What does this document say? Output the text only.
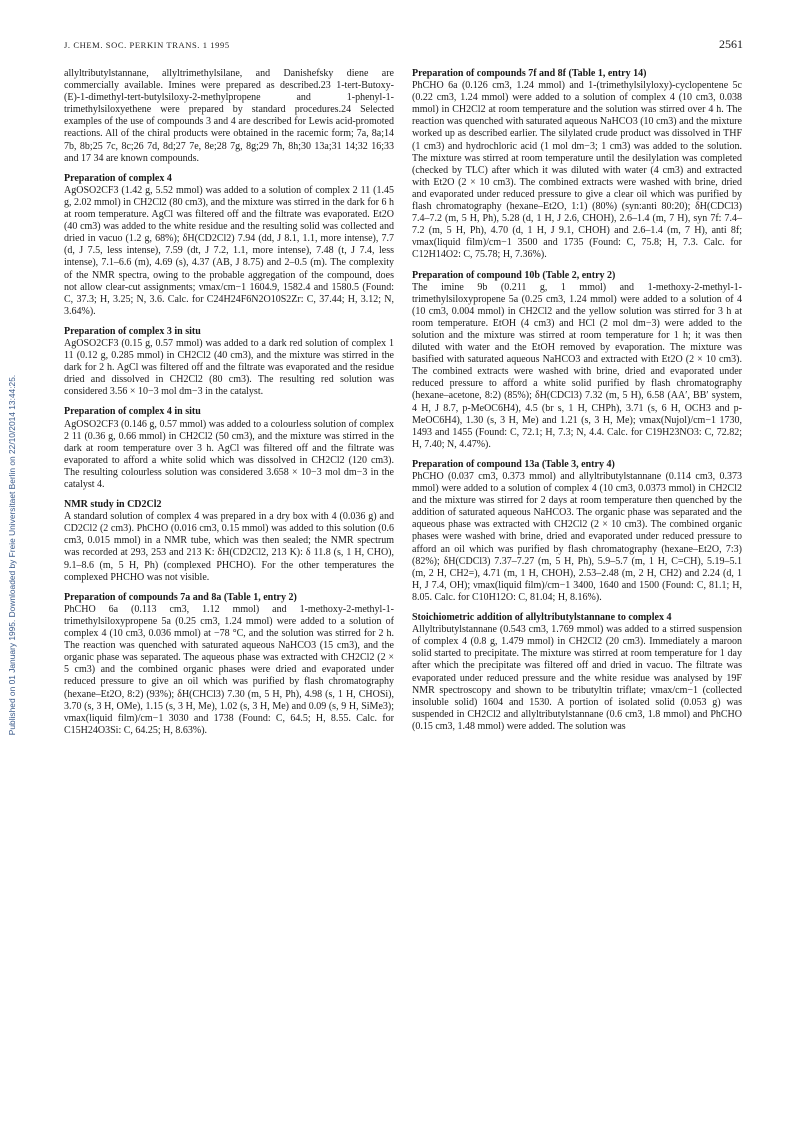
J. CHEM. SOC. PERKIN TRANS. 1 1995	2561
Published on 01 January 1995. Downloaded by Freie Universitaet Berlin on 22/10/2014 13:44:25.

allyltributylstannane, allyltrimethylsilane, and Danishefsky diene are commercially available. Imines were prepared as described.23 1-tert-Butoxy-(E)-1-dimethyl-tert-butylsiloxy-2-methylpropene and 1-phenyl-1-trimethylsiloxyethene were prepared by standard procedures.24 Selected examples of the use of compounds 3 and 4 are described for Lewis acid-promoted reactions. All of the chiral products were obtained in the racemic form; 7a, 8a;14 7b, 8b;25 7c, 8c;26 7d, 8d;27 7e, 8e;28 7g, 8g;29 7h, 8h;30 13a;31 14;32 16;33 and 17 34 are known compounds.

Preparation of complex 4

AgOSO2CF3 (1.42 g, 5.52 mmol) was added to a solution of complex 2 11 (1.45 g, 2.02 mmol) in CH2Cl2 (80 cm3), and the mixture was stirred in the dark for 6 h at room temperature. AgCl was filtered off and the filtrate was evaporated. Et2O (40 cm3) was added to the white residue and the resulting solid was collected and dried in vacuo (1.2 g, 68%); δH(CD2Cl2) 7.94 (dd, J 8.1, 1.1, more intense), 7.7 (d, J 7.5, less intense), 7.59 (dt, J 7.2, 1.1, more intense), 7.48 (t, J 7.4, less intense), 7.1–6.6 (m), 4.69 (s), 4.37 (AB, J 8.75) and 2–0.5 (m). The complexity of the NMR spectra, owing to the probable aggregation of the compound, does not allow clear-cut assignments; νmax/cm−1 1604.9, 1582.4 and 1580.5 (Found: C, 37.3; H, 3.25; N, 3.6. Calc. for C24H24F6N2O10S2Zr: C, 37.44; H, 3.12; N, 3.64%).

Preparation of complex 3 in situ

AgOSO2CF3 (0.15 g, 0.57 mmol) was added to a dark red solution of complex 1 11 (0.12 g, 0.285 mmol) in CH2Cl2 (40 cm3), and the mixture was stirred in the dark for 2 h. AgCl was filtered off and the filtrate was evaporated and the residue dried and dissolved in CH2Cl2 (80 cm3). The resulting red solution was considered 3.56 × 10−3 mol dm−3 in the catalyst.

Preparation of complex 4 in situ

AgOSO2CF3 (0.146 g, 0.57 mmol) was added to a colourless solution of complex 2 11 (0.36 g, 0.66 mmol) in CH2Cl2 (50 cm3), and the mixture was stirred in the dark at room temperature over 3 h. AgCl was filtered off and the filtrate was evaporated to afford a white solid which was dissolved in CH2Cl2 (120 cm3). The resulting colourless solution was considered 3.658 × 10−3 mol dm−3 in the catalyst 4.

NMR study in CD2Cl2

A standard solution of complex 4 was prepared in a dry box with 4 (0.036 g) and CD2Cl2 (2 cm3). PhCHO (0.016 cm3, 0.15 mmol) was added to this solution (0.6 cm3, 0.015 mmol) in a NMR tube, which was then sealed; the NMR spectrum was recorded at 293, 253 and 213 K: δH(CD2Cl2, 213 K): δ 11.8 (s, 1 H, CHO), 9.1–8.6 (m, 5 H, Ph) (complexed PHCHO). For the other temperatures the complexed PHCHO was not visible.

Preparation of compounds 7a and 8a (Table 1, entry 2)

PhCHO 6a (0.113 cm3, 1.12 mmol) and 1-methoxy-2-methyl-1-trimethylsiloxypropene 5a (0.25 cm3, 1.24 mmol) were added to a solution of complex 4 (10 cm3, 0.036 mmol) at −78 °C, and the solution was stirred for 2 h. The reaction was quenched with saturated aqueous NaHCO3 (15 cm3), and the organic phase was separated. The aqueous phase was extracted with CH2Cl2 (2 × 5 cm3) and the combined organic phases were dried and evaporated under reduced pressure to give an oil which was purified by flash chromatography (hexane–Et2O, 8:2) (93%); δH(CHCl3) 7.30 (m, 5 H, Ph), 4.98 (s, 1 H, CHOSi), 3.70 (s, 3 H, OMe), 1.15 (s, 3 H, Me), 1.02 (s, 3 H, Me) and 0.09 (s, 9 H, SiMe3); νmax(liquid film)/cm−1 3030 and 1738 (Found: C, 64.5; H, 8.55. Calc. for C15H24O3Si: C, 64.25; H, 8.63%).

Preparation of compounds 7f and 8f (Table 1, entry 14)

PhCHO 6a (0.126 cm3, 1.24 mmol) and 1-(trimethylsilyloxy)-cyclopentene 5c (0.22 cm3, 1.24 mmol) were added to a solution of complex 4 (10 cm3, 0.038 mmol) in CH2Cl2 at room temperature and the solution was stirred over 4 h. The reaction was quenched with saturated aqueous NaHCO3 (10 cm3) and the mixture worked up as described earlier. The silylated crude product was dissolved in THF (1 cm3) and hydrochloric acid (1 mol dm−3; 1 cm3) was added to the solution. The mixture was stirred at room temperature until the desilylation was completed (checked by TLC) after which it was diluted with water (4 cm3) and extracted with Et2O (2 × 10 cm3). The combined extracts were washed with brine, dried and evaporated under reduced pressure to give a clear oil which was purified by flash chromatography (hexane–Et2O, 1:1) (80%) (syn:anti 80:20); δH(CDCl3) 7.4–7.2 (m, 5 H, Ph), 5.28 (d, 1 H, J 2.6, CHOH), 2.6–1.4 (m, 7 H), syn 7f: 7.4–7.2 (m, 5 H, Ph), 4.70 (d, 1 H, J 9.1, CHOH) and 2.6–1.4 (m, 7 H), anti 8f; νmax(liquid film)/cm−1 3500 and 1735 (Found: C, 75.8; H, 7.3. Calc. for C12H14O2: C, 75.78; H, 7.36%).

Preparation of compound 10b (Table 2, entry 2)

The imine 9b (0.211 g, 1 mmol) and 1-methoxy-2-methyl-1-trimethylsiloxypropene 5a (0.25 cm3, 1.24 mmol) were added to a solution of 4 (10 cm3, 0.004 mmol) in CH2Cl2 and the yellow solution was stirred for 3 h at room temperature. EtOH (4 cm3) and HCl (2 mol dm−3) were added to the solution and the mixture was stirred at room temperature for 1 h; it was then diluted with water and the EtOH removed by evaporation. The mixture was basified with saturated aqueous NaHCO3 and extracted with Et2O (2 × 10 cm3). The combined extracts were washed with brine, dried and evaporated under reduced pressure to afford a white solid purified by flash chromatography (hexane–acetone, 8:2) (85%); δH(CDCl3) 7.32 (m, 5 H), 6.58 (AA′, BB′ system, 4 H, J 8.7, p-MeOC6H4), 4.5 (br s, 1 H, CHPh), 3.71 (s, 6 H, OCH3 and p-MeOC6H4), 1.30 (s, 3 H, Me) and 1.21 (s, 3 H, Me); νmax(Nujol)/cm−1 1730, 1493 and 1455 (Found: C, 72.1; H, 7.3; N, 4.4. Calc. for C19H23NO3: C, 72.82; H, 7.40; N, 4.47%).

Preparation of compound 13a (Table 3, entry 4)

PhCHO (0.037 cm3, 0.373 mmol) and allyltributylstannane (0.114 cm3, 0.373 mmol) were added to a solution of complex 4 (10 cm3, 0.0373 mmol) in CH2Cl2 and the mixture was stirred for 2 days at room temperature then quenched by the addition of saturated aqueous NaHCO3. The organic phase was separated and the aqueous phase was extracted with CH2Cl2 (2 × 10 cm3). The combined organic phases were washed with brine, dried and evaporated under reduced pressure to afford an oil which was purified by flash chromatography (hexane–Et2O, 7:3) (82%); δH(CDCl3) 7.37–7.27 (m, 5 H, Ph), 5.9–5.7 (m, 1 H, C=CH), 5.19–5.1 (m, 2 H, CH2=), 4.71 (m, 1 H, CHOH), 2.53–2.48 (m, 2 H, CH2) and 2.24 (d, 1 H, J 7.4, OH); νmax(liquid film)/cm−1 3400, 1640 and 1500 (Found: C, 81.1; H, 8.05. Calc. for C10H12O: C, 81.04; H, 8.16%).

Stoichiometric addition of allyltributylstannane to complex 4

Allyltributylstannane (0.543 cm3, 1.769 mmol) was added to a stirred suspension of complex 4 (0.8 g, 1.479 mmol) in CH2Cl2 (20 cm3). Immediately a maroon solid started to precipitate. The mixture was stirred at room temperature for 1 day after which the precipitate was filtered off and dried in vacuo. The filtrate was evaporated under reduced pressure and the white residue was analysed by 19F NMR spectroscopy and shown to be tributyltin triflate; νmax/cm−1 (collected insoluble solid) 1604 and 1530. A portion of isolated solid (0.053 g) was suspended in CH2Cl2 and allyltributylstannane (0.6 cm3, 1.8 mmol) and PhCHO (0.15 cm3, 1.48 mmol) were added. The solution was
